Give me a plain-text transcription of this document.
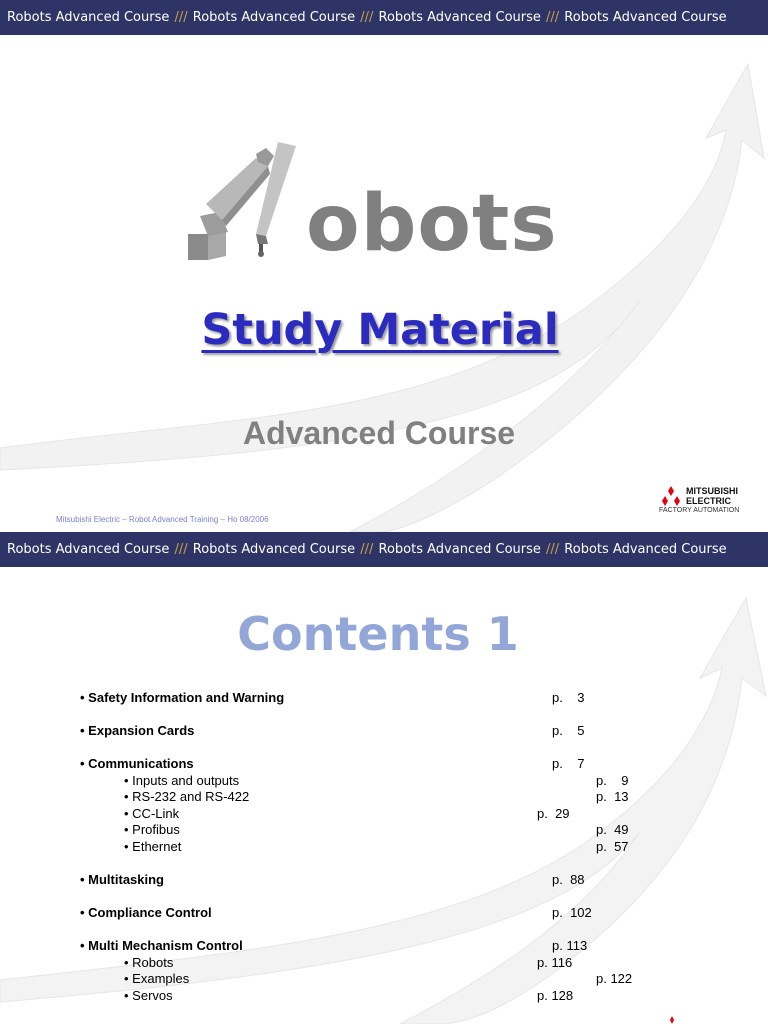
Robots Advanced Course /// Robots Advanced Course /// Robots Advanced Course /// Robots Advanced Course
obots
Study Material
Advanced Course
Mitsubishi Electric – Robot Advanced Training – Ho 08/2006
MITSUBISHI
ELECTRIC
FACTORY AUTOMATION
Robots Advanced Course /// Robots Advanced Course /// Robots Advanced Course /// Robots Advanced Course
Contents 1
• Safety Information and Warning	p.    3
• Expansion Cards	p.    5
• Communications	p.    7
• Inputs and outputs	p.    9
• RS-232 and RS-422	p.  13
• CC-Link	p.  29
• Profibus	p.  49
• Ethernet	p.  57
• Multitasking	p.  88
• Compliance Control	p.  102
• Multi Mechanism Control	p. 113
• Robots	p. 116
• Examples	p. 122
• Servos	p. 128
